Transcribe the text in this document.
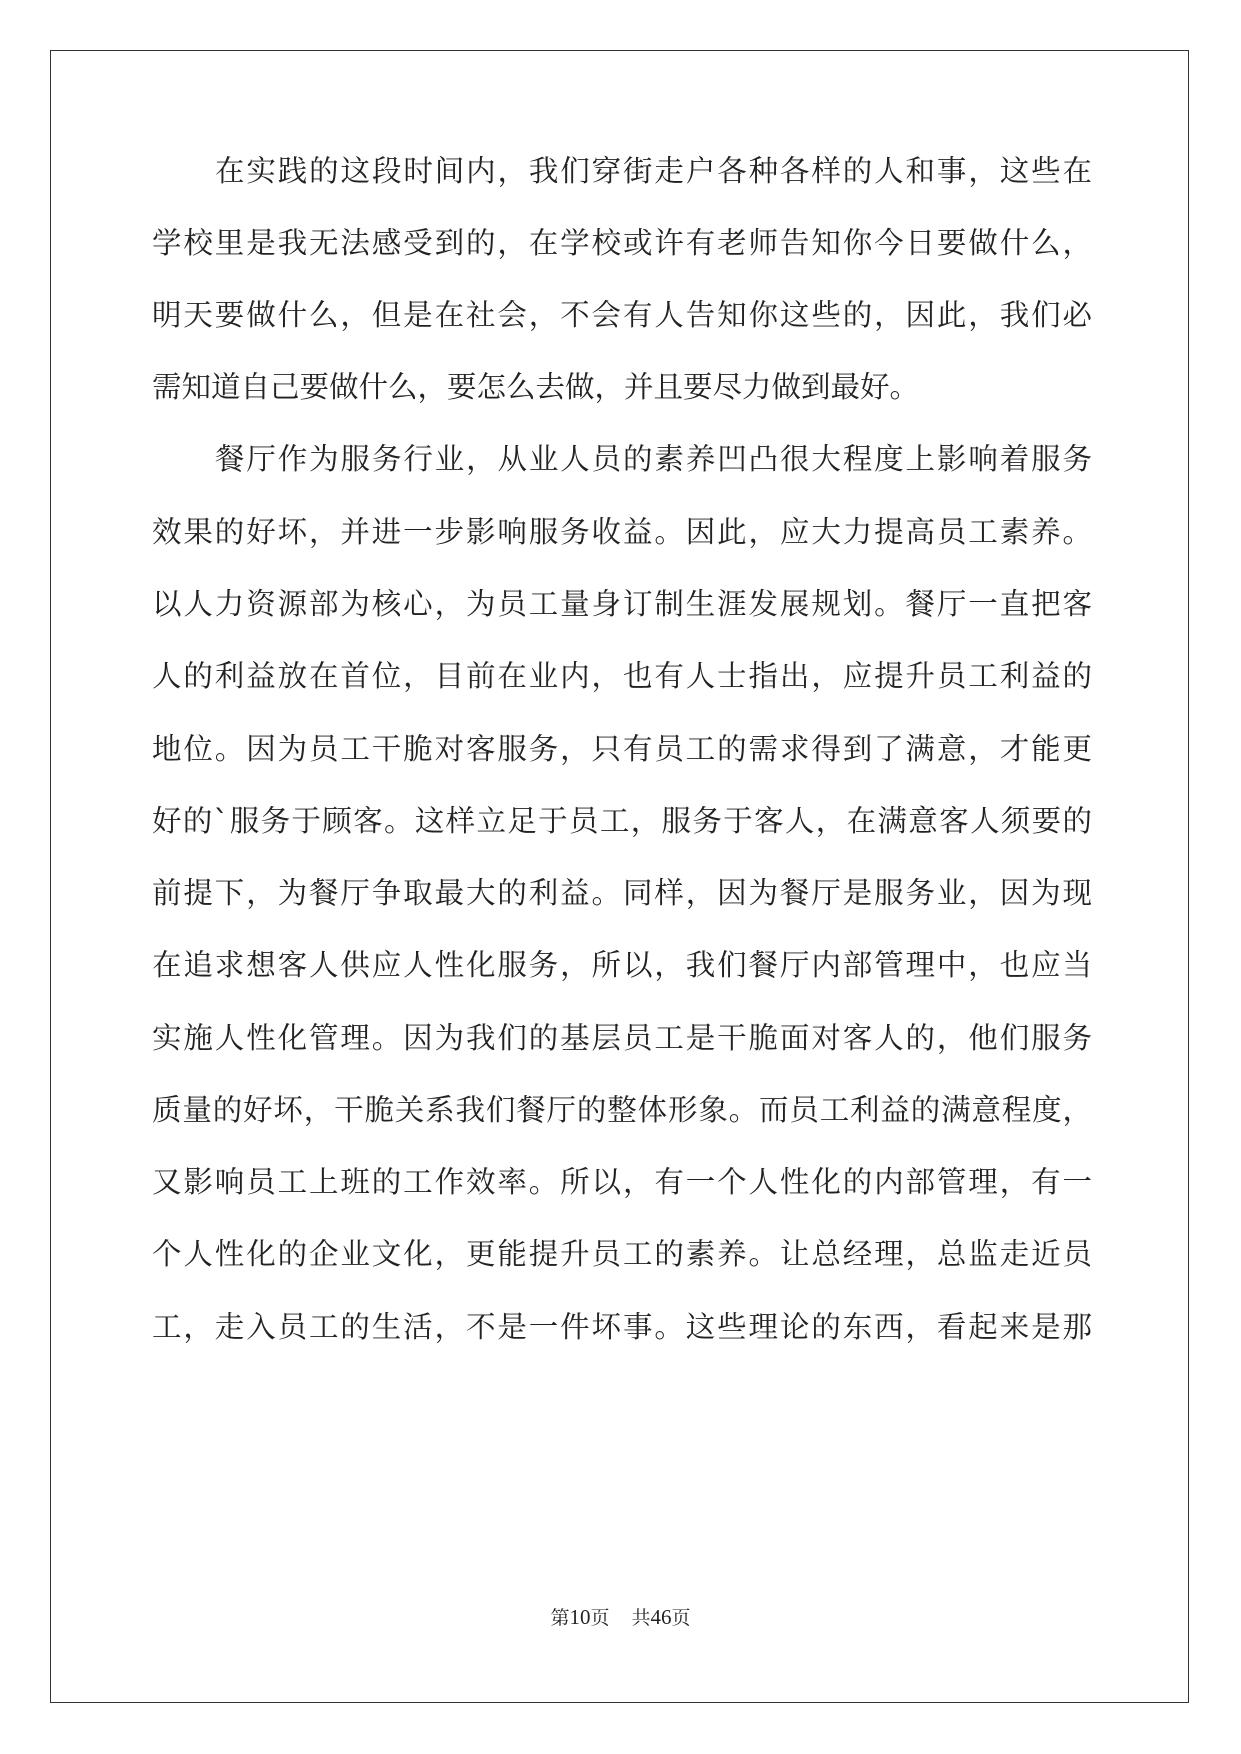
在实践的这段时间内，我们穿街走户各种各样的人和事，这些在
学校里是我无法感受到的，在学校或许有老师告知你今日要做什么，
明天要做什么，但是在社会，不会有人告知你这些的，因此，我们必
需知道自己要做什么，要怎么去做，并且要尽力做到最好。
餐厅作为服务行业，从业人员的素养凹凸很大程度上影响着服务
效果的好坏，并进一步影响服务收益。因此，应大力提高员工素养。
以人力资源部为核心，为员工量身订制生涯发展规划。餐厅一直把客
人的利益放在首位，目前在业内，也有人士指出，应提升员工利益的
地位。因为员工干脆对客服务，只有员工的需求得到了满意，才能更
好的`服务于顾客。这样立足于员工，服务于客人，在满意客人须要的
前提下，为餐厅争取最大的利益。同样，因为餐厅是服务业，因为现
在追求想客人供应人性化服务，所以，我们餐厅内部管理中，也应当
实施人性化管理。因为我们的基层员工是干脆面对客人的，他们服务
质量的好坏，干脆关系我们餐厅的整体形象。而员工利益的满意程度，
又影响员工上班的工作效率。所以，有一个人性化的内部管理，有一
个人性化的企业文化，更能提升员工的素养。让总经理，总监走近员
工，走入员工的生活，不是一件坏事。这些理论的东西，看起来是那
第10页 共46页
